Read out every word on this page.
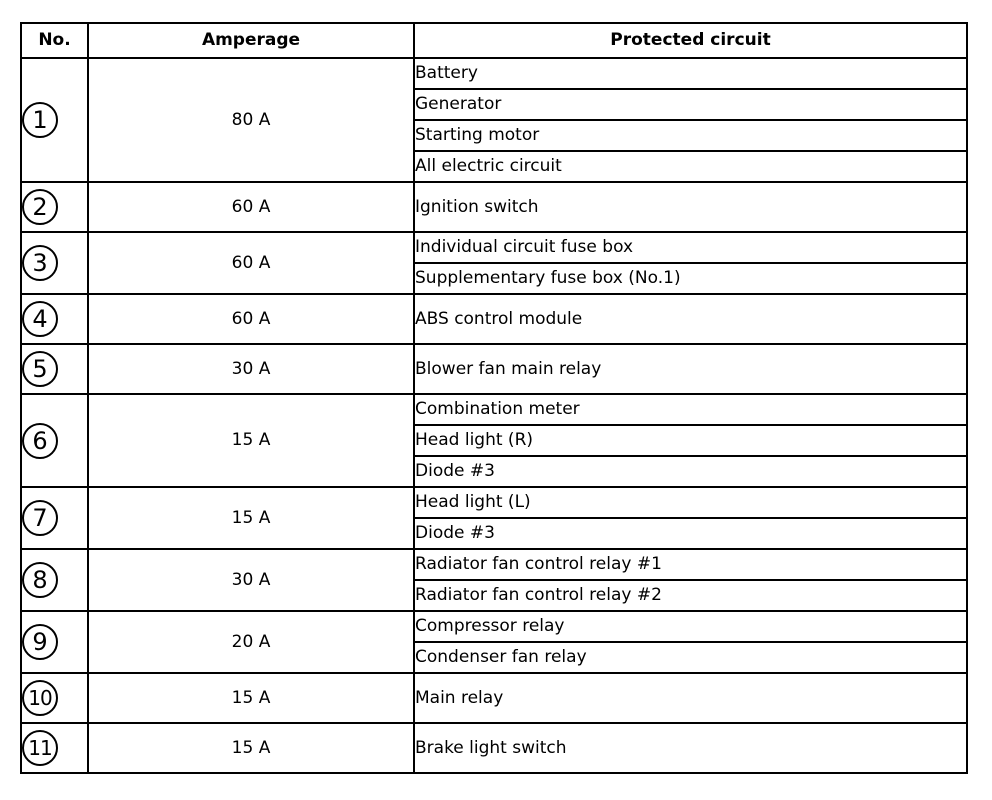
No.	Amperage	Protected circuit
1	80 A	Battery
		Generator
		Starting motor
		All electric circuit
2	60 A	Ignition switch
3	60 A	Individual circuit fuse box
		Supplementary fuse box (No.1)
4	60 A	ABS control module
5	30 A	Blower fan main relay
6	15 A	Combination meter
		Head light (R)
		Diode #3
7	15 A	Head light (L)
		Diode #3
8	30 A	Radiator fan control relay #1
		Radiator fan control relay #2
9	20 A	Compressor relay
		Condenser fan relay
10	15 A	Main relay
11	15 A	Brake light switch
